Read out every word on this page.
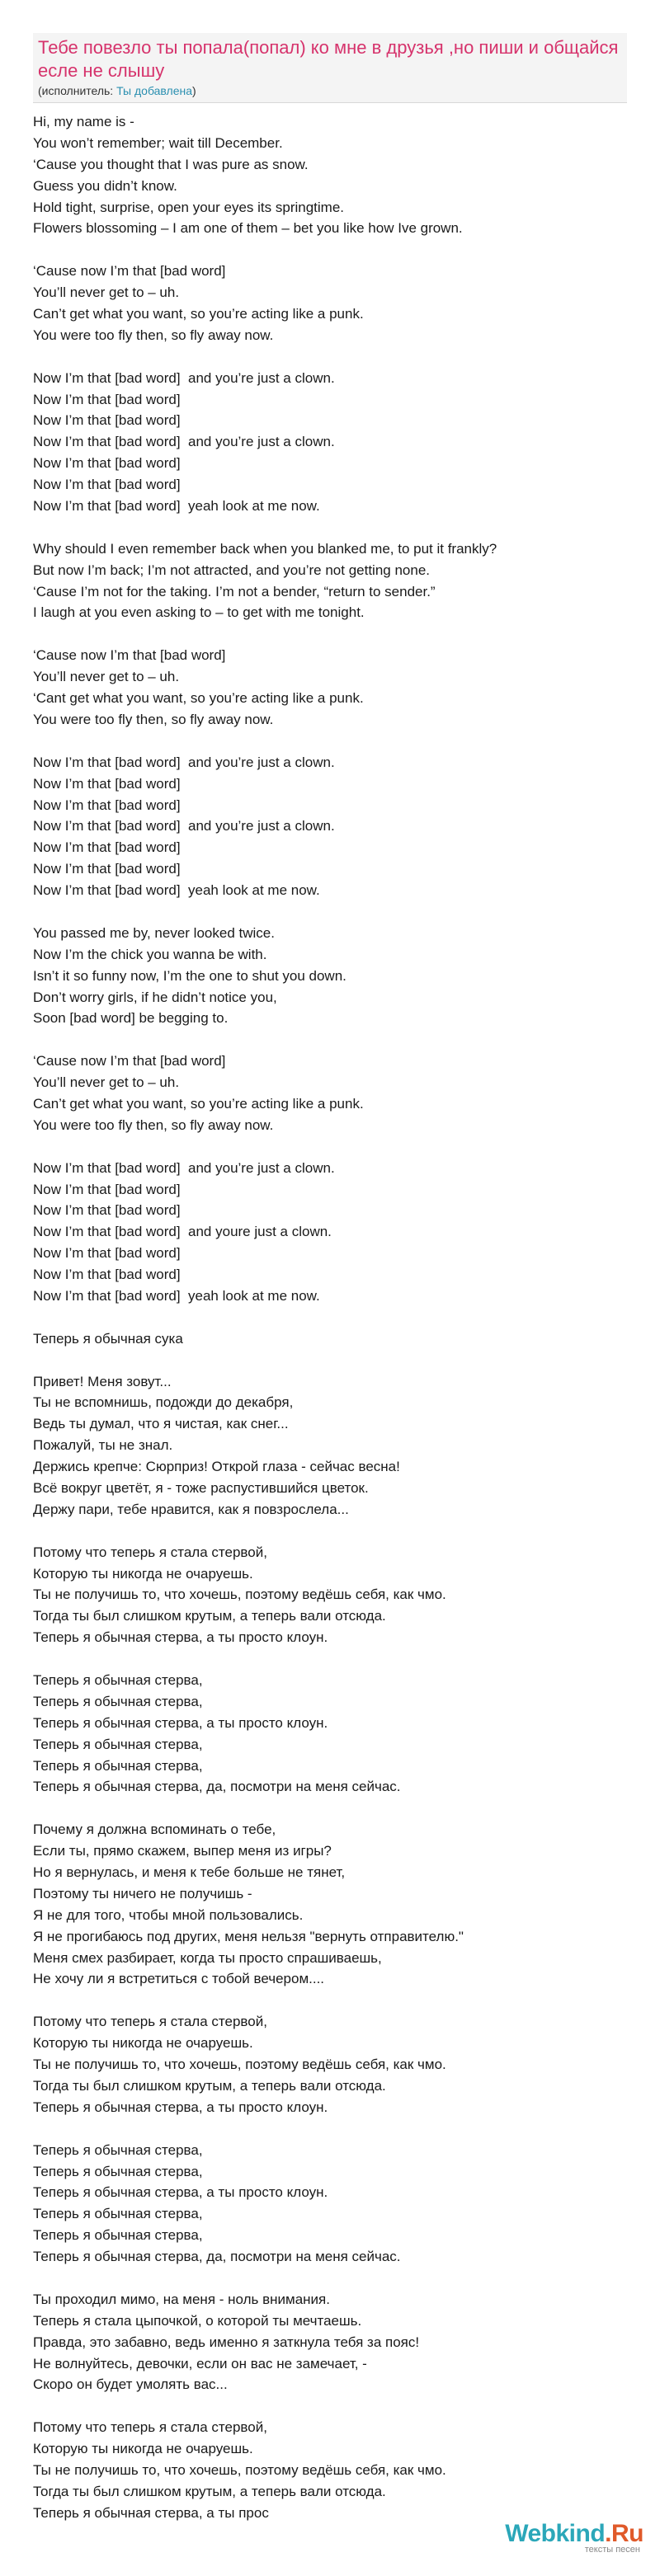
Тебе повезло ты попала(попал) ко мне в друзья ,но пиши и общайся есле не слышу
(исполнитель: Ты добавлена)
Hi, my name is -
You won’t remember; wait till December.
‘Cause you thought that I was pure as snow.
Guess you didn’t know.
Hold tight, surprise, open your eyes its springtime.
Flowers blossoming – I am one of them – bet you like how Ive grown.
‘Cause now I’m that [bad word]
You’ll never get to – uh.
Can’t get what you want, so you’re acting like a punk.
You were too fly then, so fly away now.
Now I’m that [bad word]  and you’re just a clown.
Now I’m that [bad word]
Now I’m that [bad word]
Now I’m that [bad word]  and you’re just a clown.
Now I’m that [bad word]
Now I’m that [bad word]
Now I’m that [bad word]  yeah look at me now.
Why should I even remember back when you blanked me, to put it frankly?
But now I’m back; I’m not attracted, and you’re not getting none.
‘Cause I’m not for the taking. I’m not a bender, “return to sender.”
I laugh at you even asking to – to get with me tonight.
‘Cause now I’m that [bad word]
You’ll never get to – uh.
‘Cant get what you want, so you’re acting like a punk.
You were too fly then, so fly away now.
Now I’m that [bad word]  and you’re just a clown.
Now I’m that [bad word]
Now I’m that [bad word]
Now I’m that [bad word]  and you’re just a clown.
Now I’m that [bad word]
Now I’m that [bad word]
Now I’m that [bad word]  yeah look at me now.
You passed me by, never looked twice.
Now I’m the chick you wanna be with.
Isn’t it so funny now, I’m the one to shut you down.
Don’t worry girls, if he didn’t notice you,
Soon [bad word] be begging to.
‘Cause now I’m that [bad word]
You’ll never get to – uh.
Can’t get what you want, so you’re acting like a punk.
You were too fly then, so fly away now.
Now I’m that [bad word]  and you’re just a clown.
Now I’m that [bad word]
Now I’m that [bad word]
Now I’m that [bad word]  and youre just a clown.
Now I’m that [bad word]
Now I’m that [bad word]
Now I’m that [bad word]  yeah look at me now.
Теперь я обычная сука
Привет! Меня зовут...
Ты не вспомнишь, подожди до декабря,
Ведь ты думал, что я чистая, как снег...
Пожалуй, ты не знал.
Держись крепче: Сюрприз! Открой глаза - сейчас весна!
Всё вокруг цветёт, я - тоже распустившийся цветок.
Держу пари, тебе нравится, как я повзрослела...
Потому что теперь я стала стервой,
Которую ты никогда не очаруешь.
Ты не получишь то, что хочешь, поэтому ведёшь себя, как чмо.
Тогда ты был слишком крутым, а теперь вали отсюда.
Теперь я обычная стерва, а ты просто клоун.
Теперь я обычная стерва,
Теперь я обычная стерва,
Теперь я обычная стерва, а ты просто клоун.
Теперь я обычная стерва,
Теперь я обычная стерва,
Теперь я обычная стерва, да, посмотри на меня сейчас.
Почему я должна вспоминать о тебе,
Если ты, прямо скажем, выпер меня из игры?
Но я вернулась, и меня к тебе больше не тянет,
Поэтому ты ничего не получишь -
Я не для того, чтобы мной пользовались.
Я не прогибаюсь под других, меня нельзя "вернуть отправителю."
Меня смех разбирает, когда ты просто спрашиваешь,
Не хочу ли я встретиться с тобой вечером....
Потому что теперь я стала стервой,
Которую ты никогда не очаруешь.
Ты не получишь то, что хочешь, поэтому ведёшь себя, как чмо.
Тогда ты был слишком крутым, а теперь вали отсюда.
Теперь я обычная стерва, а ты просто клоун.
Теперь я обычная стерва,
Теперь я обычная стерва,
Теперь я обычная стерва, а ты просто клоун.
Теперь я обычная стерва,
Теперь я обычная стерва,
Теперь я обычная стерва, да, посмотри на меня сейчас.
Ты проходил мимо, на меня - ноль внимания.
Теперь я стала цыпочкой, о которой ты мечтаешь.
Правда, это забавно, ведь именно я заткнула тебя за пояс!
Не волнуйтесь, девочки, если он вас не замечает, -
Скоро он будет умолять вас...
Потому что теперь я стала стервой,
Которую ты никогда не очаруешь.
Ты не получишь то, что хочешь, поэтому ведёшь себя, как чмо.
Тогда ты был слишком крутым, а теперь вали отсюда.
Теперь я обычная стерва, а ты прос
Webkind.Ru
тексты песен
